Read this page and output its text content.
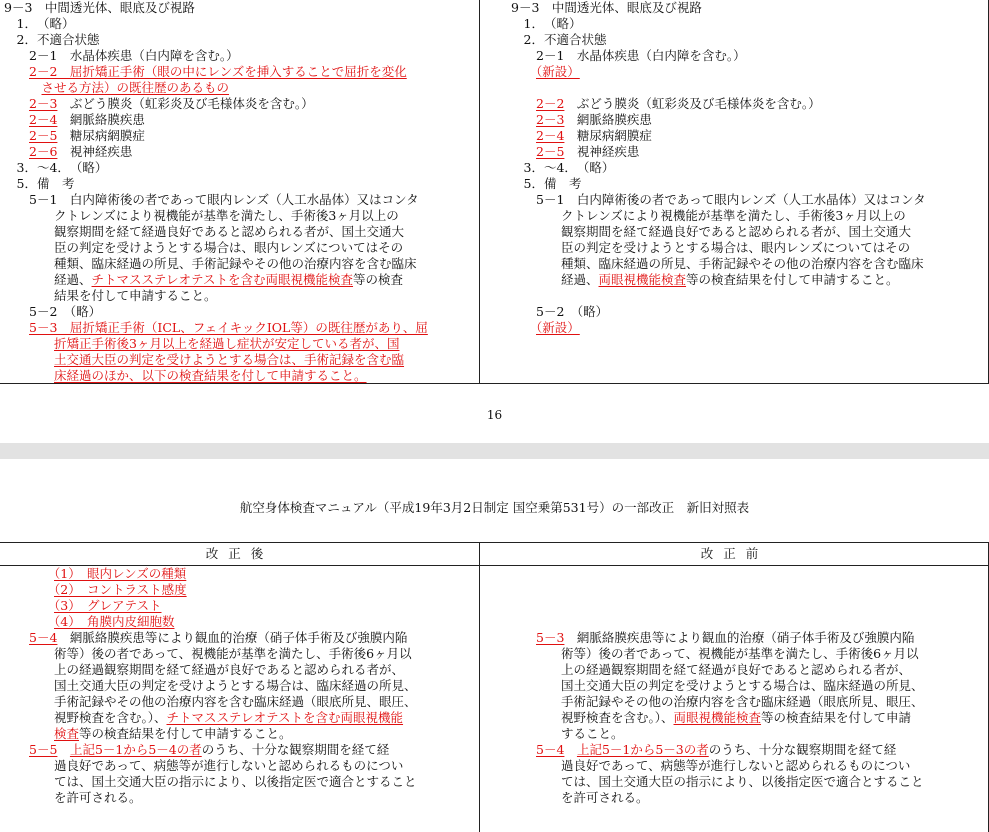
9－3　中間透光体、眼底及び視路
　1．　（略）
　2．不適合状態
　　2－1　水晶体疾患（白内障を含む。）
　　2－2　屈折矯正手術（眼の中にレンズを挿入することで屈折を変化
　　　させる方法）の既往歴のあるもの
　　2－3　ぶどう膜炎（虹彩炎及び毛様体炎を含む。）
　　2－4　網脈絡膜疾患
　　2－5　糖尿病網膜症
　　2－6　視神経疾患
　3．～4．　（略）
　5．備　考
　　5－1　白内障術後の者であって眼内レンズ（人工水晶体）又はコンタ
　　　　クトレンズにより視機能が基準を満たし、手術後3ヶ月以上の
　　　　観察期間を経て経過良好であると認められる者が、国土交通大
　　　　臣の判定を受けようとする場合は、眼内レンズについてはその
　　　　種類、臨床経過の所見、手術記録やその他の治療内容を含む臨床
　　　　経過、チトマスステレオテストを含む両眼視機能検査等の検査
　　　　結果を付して申請すること。
　　5－2　（略）
　　5－3　屈折矯正手術（ICL、フェイキックIOL等）の既往歴があり、屈
　　　　折矯正手術後3ヶ月以上を経過し症状が安定している者が、国
　　　　土交通大臣の判定を受けようとする場合は、手術記録を含む臨
　　　　床経過のほか、以下の検査結果を付して申請すること。
9－3　中間透光体、眼底及び視路
　1．　（略）
　2．不適合状態
　　2－1　水晶体疾患（白内障を含む。）
　　（新設）
　　2－2　ぶどう膜炎（虹彩炎及び毛様体炎を含む。）
　　2－3　網脈絡膜疾患
　　2－4　糖尿病網膜症
　　2－5　視神経疾患
　3．～4．　（略）
　5．備　考
　　5－1　白内障術後の者であって眼内レンズ（人工水晶体）又はコンタ
　　　　クトレンズにより視機能が基準を満たし、手術後3ヶ月以上の
　　　　観察期間を経て経過良好であると認められる者が、国土交通大
　　　　臣の判定を受けようとする場合は、眼内レンズについてはその
　　　　種類、臨床経過の所見、手術記録やその他の治療内容を含む臨床
　　　　経過、両眼視機能検査等の検査結果を付して申請すること。
　　5－2　（略）
　　（新設）
16
航空身体検査マニュアル（平成19年3月2日制定 国空乗第531号）の一部改正　新旧対照表
改正後	改正前
　　　　（1）　眼内レンズの種類
　　　　（2）　コントラスト感度
　　　　（3）　グレアテスト
　　　　（4）　角膜内皮細胞数
　　5－4　網脈絡膜疾患等により観血的治療（硝子体手術及び強膜内陥
　　　　術等）後の者であって、視機能が基準を満たし、手術後6ヶ月以
　　　　上の経過観察期間を経て経過が良好であると認められる者が、
　　　　国土交通大臣の判定を受けようとする場合は、臨床経過の所見、
　　　　手術記録やその他の治療内容を含む臨床経過（眼底所見、眼圧、
　　　　視野検査を含む。）、チトマスステレオテストを含む両眼視機能
　　　　検査等の検査結果を付して申請すること。
　　5－5　 上記5－1から5－4の者のうち、十分な観察期間を経て経
　　　　過良好であって、病態等が進行しないと認められるものについ
　　　　ては、国土交通大臣の指示により、以後指定医で適合とすること
　　　　を許可される。
　　5－3　網脈絡膜疾患等により観血的治療（硝子体手術及び強膜内陥
　　　　術等）後の者であって、視機能が基準を満たし、手術後6ヶ月以
　　　　上の経過観察期間を経て経過が良好であると認められる者が、
　　　　国土交通大臣の判定を受けようとする場合は、臨床経過の所見、
　　　　手術記録やその他の治療内容を含む臨床経過（眼底所見、眼圧、
　　　　視野検査を含む。）、両眼視機能検査等の検査結果を付して申請
　　　　すること。
　　5－4　 上記5－1から5－3の者のうち、十分な観察期間を経て経
　　　　過良好であって、病態等が進行しないと認められるものについ
　　　　ては、国土交通大臣の指示により、以後指定医で適合とすること
　　　　を許可される。
